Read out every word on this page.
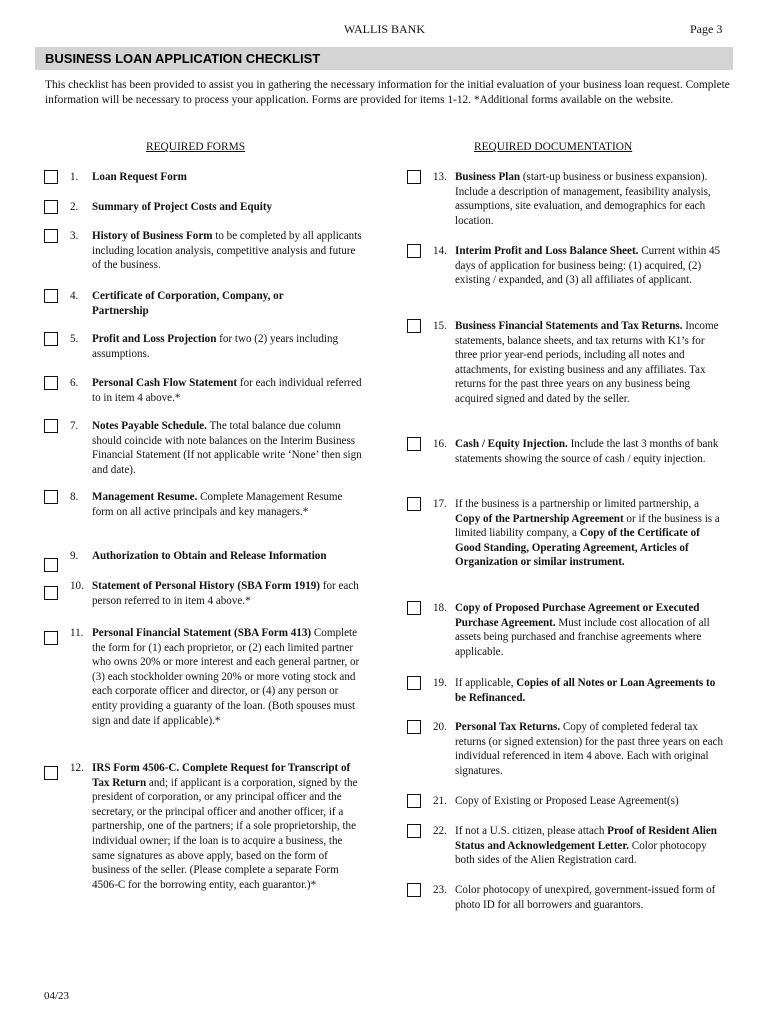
WALLIS BANK	Page 3
BUSINESS LOAN APPLICATION CHECKLIST
This checklist has been provided to assist you in gathering the necessary information for the initial evaluation of your business loan request. Complete information will be necessary to process your application. Forms are provided for items 1-12. *Additional forms available on the website.
REQUIRED FORMS	REQUIRED DOCUMENTATION
1.	Loan Request Form
2.	Summary of Project Costs and Equity
3.	History of Business Form to be completed by all applicants including location analysis, competitive analysis and future of the business.
4.	Certificate of Corporation, Company, or Partnership
5.	Profit and Loss Projection for two (2) years including assumptions.
6.	Personal Cash Flow Statement for each individual referred to in item 4 above.*
7.	Notes Payable Schedule. The total balance due column should coincide with note balances on the Interim Business Financial Statement (If not applicable write ‘None’ then sign and date).
8.	Management Resume. Complete Management Resume form on all active principals and key managers.*
9.	Authorization to Obtain and Release Information
10. Statement of Personal History (SBA Form 1919) for each person referred to in item 4 above.*
11. Personal Financial Statement (SBA Form 413) Complete the form for (1) each proprietor, or (2) each limited partner who owns 20% or more interest and each general partner, or (3) each stockholder owning 20% or more voting stock and each corporate officer and director, or (4) any person or entity providing a guaranty of the loan. (Both spouses must sign and date if applicable).*
12. IRS Form 4506-C. Complete Request for Transcript of Tax Return and; if applicant is a corporation, signed by the president of corporation, or any principal officer and the secretary, or the principal officer and another officer, if a partnership, one of the partners; if a sole proprietorship, the individual owner; if the loan is to acquire a business, the same signatures as above apply, based on the form of business of the seller. (Please complete a separate Form 4506-C for the borrowing entity, each guarantor.)*
13. Business Plan (start-up business or business expansion). Include a description of management, feasibility analysis, assumptions, site evaluation, and demographics for each location.
14. Interim Profit and Loss Balance Sheet. Current within 45 days of application for business being: (1) acquired, (2) existing / expanded, and (3) all affiliates of applicant.
15. Business Financial Statements and Tax Returns. Income statements, balance sheets, and tax returns with K1’s for three prior year-end periods, including all notes and attachments, for existing business and any affiliates. Tax returns for the past three years on any business being acquired signed and dated by the seller.
16. Cash / Equity Injection. Include the last 3 months of bank statements showing the source of cash / equity injection.
17. If the business is a partnership or limited partnership, a Copy of the Partnership Agreement or if the business is a limited liability company, a Copy of the Certificate of Good Standing, Operating Agreement, Articles of Organization or similar instrument.
18. Copy of Proposed Purchase Agreement or Executed Purchase Agreement. Must include cost allocation of all assets being purchased and franchise agreements where applicable.
19. If applicable, Copies of all Notes or Loan Agreements to be Refinanced.
20. Personal Tax Returns. Copy of completed federal tax returns (or signed extension) for the past three years on each individual referenced in item 4 above. Each with original signatures.
21. Copy of Existing or Proposed Lease Agreement(s)
22. If not a U.S. citizen, please attach Proof of Resident Alien Status and Acknowledgement Letter. Color photocopy both sides of the Alien Registration card.
23. Color photocopy of unexpired, government-issued form of photo ID for all borrowers and guarantors.
04/23
